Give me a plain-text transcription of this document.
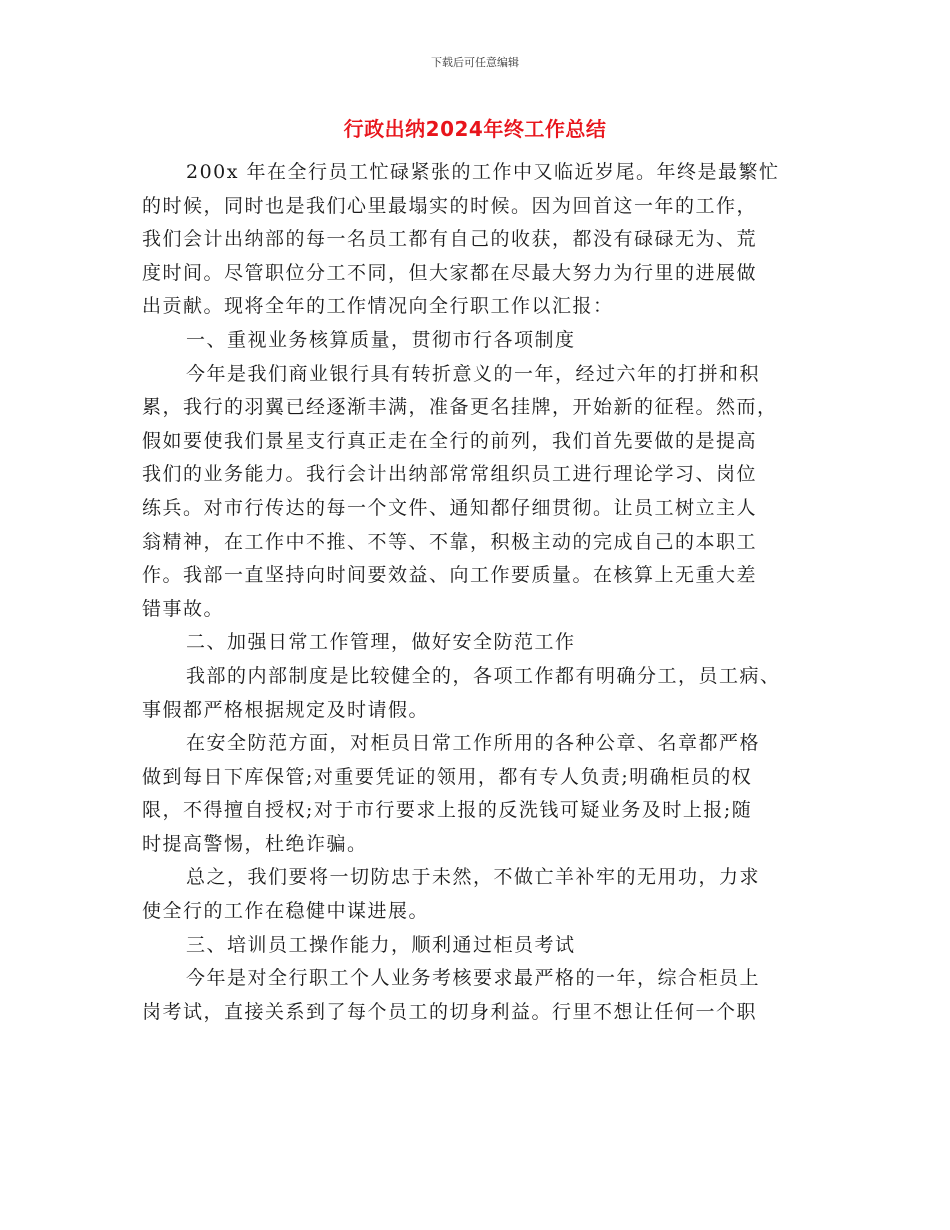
下载后可任意编辑
行政出纳2024年终工作总结
200x 年在全行员工忙碌紧张的工作中又临近岁尾。年终是最繁忙
的时候，同时也是我们心里最塌实的时候。因为回首这一年的工作，
我们会计出纳部的每一名员工都有自己的收获，都没有碌碌无为、荒
度时间。尽管职位分工不同，但大家都在尽最大努力为行里的进展做
出贡献。现将全年的工作情况向全行职工作以汇报：
一、重视业务核算质量，贯彻市行各项制度
今年是我们商业银行具有转折意义的一年，经过六年的打拼和积
累，我行的羽翼已经逐渐丰满，准备更名挂牌，开始新的征程。然而，
假如要使我们景星支行真正走在全行的前列，我们首先要做的是提高
我们的业务能力。我行会计出纳部常常组织员工进行理论学习、岗位
练兵。对市行传达的每一个文件、通知都仔细贯彻。让员工树立主人
翁精神，在工作中不推、不等、不靠，积极主动的完成自己的本职工
作。我部一直坚持向时间要效益、向工作要质量。在核算上无重大差
错事故。
二、加强日常工作管理，做好安全防范工作
我部的内部制度是比较健全的，各项工作都有明确分工，员工病、
事假都严格根据规定及时请假。
在安全防范方面，对柜员日常工作所用的各种公章、名章都严格
做到每日下库保管;对重要凭证的领用，都有专人负责;明确柜员的权
限，不得擅自授权;对于市行要求上报的反洗钱可疑业务及时上报;随
时提高警惕，杜绝诈骗。
总之，我们要将一切防忠于未然，不做亡羊补牢的无用功，力求
使全行的工作在稳健中谋进展。
三、培训员工操作能力，顺利通过柜员考试
今年是对全行职工个人业务考核要求最严格的一年，综合柜员上
岗考试，直接关系到了每个员工的切身利益。行里不想让任何一个职
